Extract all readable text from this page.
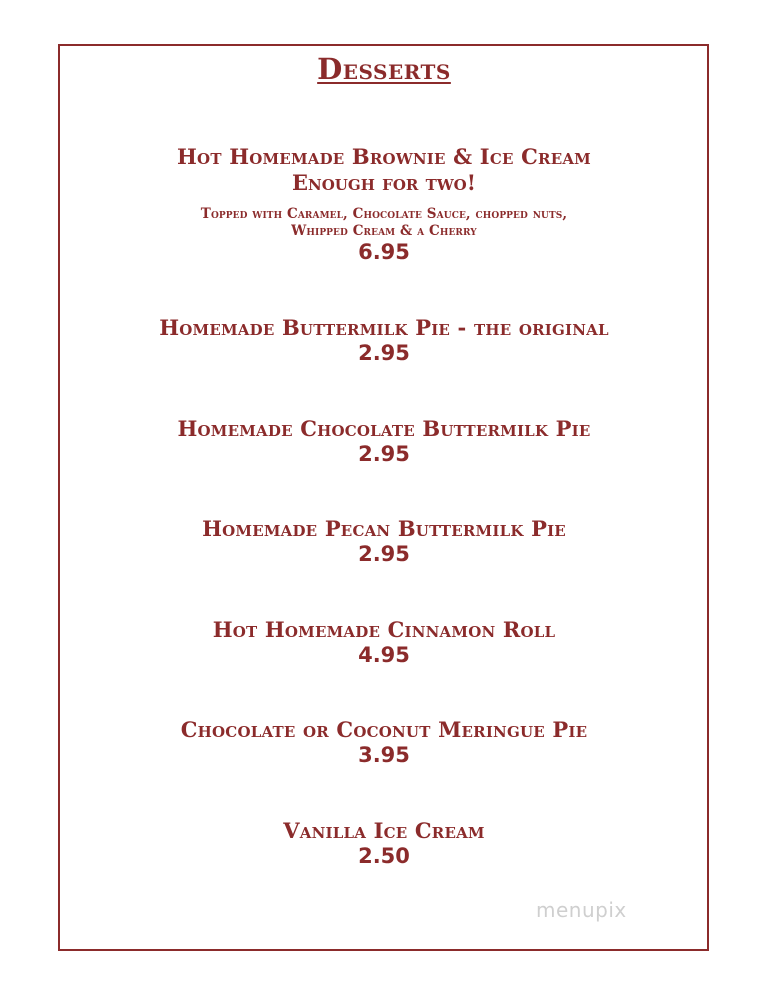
Desserts
Hot Homemade Brownie & Ice Cream
Enough for two!
Topped with Caramel, Chocolate Sauce, chopped nuts,
Whipped Cream & a Cherry
6.95
Homemade Buttermilk Pie - the original
2.95
Homemade Chocolate Buttermilk Pie
2.95
Homemade Pecan Buttermilk Pie
2.95
Hot Homemade Cinnamon Roll
4.95
Chocolate or Coconut Meringue Pie
3.95
Vanilla Ice Cream
2.50
menupix
